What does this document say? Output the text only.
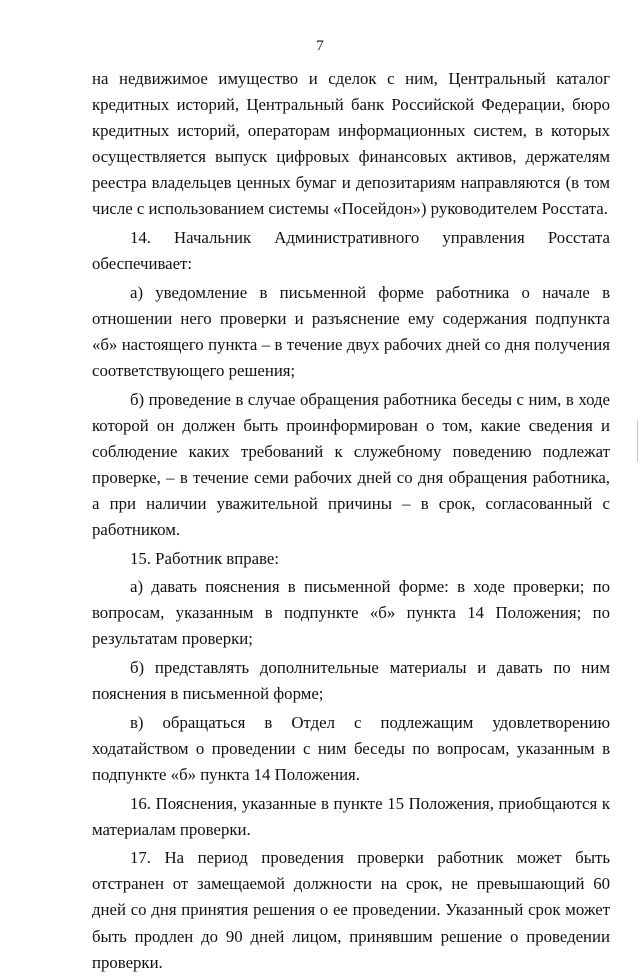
7

на недвижимое имущество и сделок с ним, Центральный каталог кредитных историй, Центральный банк Российской Федерации, бюро кредитных историй, операторам информационных систем, в которых осуществляется выпуск цифровых финансовых активов, держателям реестра владельцев ценных бумаг и депозитариям направляются (в том числе с использованием системы «Посейдон») руководителем Росстата.

14. Начальник Административного управления Росстата обеспечивает:

а) уведомление в письменной форме работника о начале в отношении него проверки и разъяснение ему содержания подпункта «б» настоящего пункта – в течение двух рабочих дней со дня получения соответствующего решения;

б) проведение в случае обращения работника беседы с ним, в ходе которой он должен быть проинформирован о том, какие сведения и соблюдение каких требований к служебному поведению подлежат проверке, – в течение семи рабочих дней со дня обращения работника, а при наличии уважительной причины – в срок, согласованный с работником.

15. Работник вправе:

а) давать пояснения в письменной форме: в ходе проверки; по вопросам, указанным в подпункте «б» пункта 14 Положения; по результатам проверки;

б) представлять дополнительные материалы и давать по ним пояснения в письменной форме;

в) обращаться в Отдел с подлежащим удовлетворению ходатайством о проведении с ним беседы по вопросам, указанным в подпункте «б» пункта 14 Положения.

16. Пояснения, указанные в пункте 15 Положения, приобщаются к материалам проверки.

17. На период проведения проверки работник может быть отстранен от замещаемой должности на срок, не превышающий 60 дней со дня принятия решения о ее проведении. Указанный срок может быть продлен до 90 дней лицом, принявшим решение о проведении проверки.
